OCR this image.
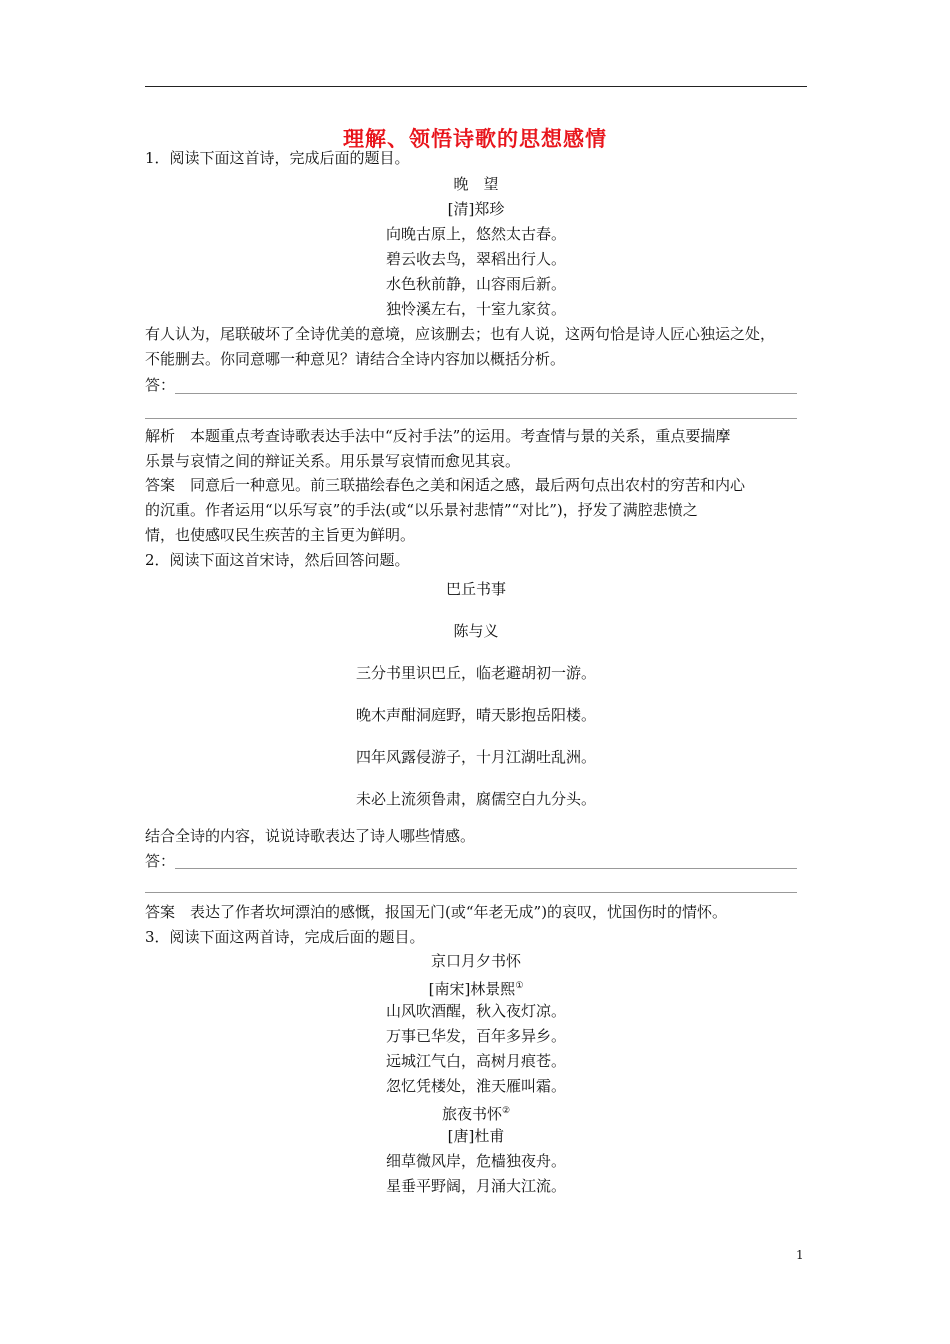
理解、领悟诗歌的思想感情
1．阅读下面这首诗，完成后面的题目。
晚　望
[清]郑珍
向晚古原上，悠然太古春。
碧云收去鸟，翠稻出行人。
水色秋前静，山容雨后新。
独怜溪左右，十室九家贫。
有人认为，尾联破坏了全诗优美的意境，应该删去；也有人说，这两句恰是诗人匠心独运之处，
不能删去。你同意哪一种意见？请结合全诗内容加以概括分析。
答：
解析　本题重点考查诗歌表达手法中“反衬手法”的运用。考查情与景的关系，重点要揣摩
乐景与哀情之间的辩证关系。用乐景写哀情而愈见其哀。
答案　同意后一种意见。前三联描绘春色之美和闲适之感，最后两句点出农村的穷苦和内心
的沉重。作者运用“以乐写哀”的手法(或“以乐景衬悲情”“对比”)，抒发了满腔悲愤之
情，也使感叹民生疾苦的主旨更为鲜明。
2．阅读下面这首宋诗，然后回答问题。
巴丘书事
陈与义
三分书里识巴丘，临老避胡初一游。
晚木声酣洞庭野，晴天影抱岳阳楼。
四年风露侵游子，十月江湖吐乱洲。
未必上流须鲁肃，腐儒空白九分头。
结合全诗的内容，说说诗歌表达了诗人哪些情感。
答：
答案　表达了作者坎坷漂泊的感慨，报国无门(或“年老无成”)的哀叹，忧国伤时的情怀。
3．阅读下面这两首诗，完成后面的题目。
京口月夕书怀
[南宋]林景熙①
山风吹酒醒，秋入夜灯凉。
万事已华发，百年多异乡。
远城江气白，高树月痕苍。
忽忆凭楼处，淮天雁叫霜。
旅夜书怀②
[唐]杜甫
细草微风岸，危樯独夜舟。
星垂平野阔，月涌大江流。
1
